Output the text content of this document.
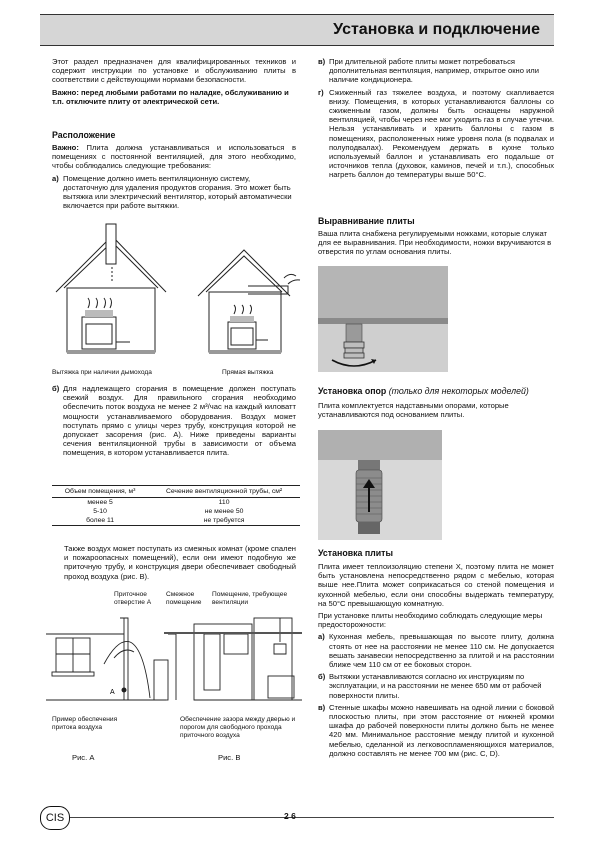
Установка и подключение

Этот раздел предназначен для квалифицированных техников и содержит инструкции по установке и обслуживанию плиты в соответствии с действующими нормами безопасности.

Важно: перед любыми работами по наладке, обслуживанию и т.п. отключите плиту от электрической сети.

Расположение

Важно: Плита должна устанавливаться и использоваться в помещениях с постоянной вентиляцией, для этого необходимо, чтобы соблюдались следующие требования:

а) Помещение должно иметь вентиляционную систему, достаточную для удаления продуктов сгорания. Это может быть вытяжка или электрический вентилятор, который автоматически включается при работе вытяжки.
Вытяжка при наличии дымохода	Прямая вытяжка
б) Для надлежащего сгорания в помещение должен поступать свежий воздух. Для правильного сгорания необходимо обеспечить поток воздуха не менее 2 м³/час на каждый киловатт мощности устанавливаемого оборудования. Воздух может поступать прямо с улицы через трубу, конструкция которой не допускает засорения (рис. А). Ниже приведены варианты сечения вентиляционной трубы в зависимости от объема помещения, в котором устанавливается плита.
Объем помещения, м³	Сечение вентиляционной трубы, см²
менее 5	110
5-10	не менее 50
более 11	не требуется

Также воздух может поступать из смежных комнат (кроме спален и пожароопасных помещений), если они имеют подобную же приточную трубу, и конструкция двери обеспечивает свободный проход воздуха (рис. В).

Приточное отверстие А
Смежное помещение
Помещение, требующее вентиляции
A
Пример обеспечения притока воздуха
Обеспечение зазора между дверью и порогом для свободного прохода приточного воздуха
Рис. А	Рис. В
в) При длительной работе плиты может потребоваться дополнительная вентиляция, например, открытое окно или наличие кондиционера.
г) Сжиженный газ тяжелее воздуха, и поэтому скапливается внизу. Помещения, в которых устанавливаются баллоны со сжиженным газом, должны быть оснащены наружной вентиляцией, чтобы через нее мог уходить газ в случае утечки. Нельзя устанавливать и хранить баллоны с газом в помещениях, расположенных ниже уровня пола (в подвалах и полуподвалах). Рекомендуем держать в кухне только используемый баллон и устанавливать его подальше от источников тепла (духовок, каминов, печей и т.п.), способных нагреть баллон до температуры выше 50°С.
Выравнивание плиты

Ваша плита снабжена регулируемыми ножками, которые служат для ее выравнивания. При необходимости, ножки вкручиваются в отверстия по углам основания плиты.

Установка опор (только для некоторых моделей)

Плита комплектуется надставными опорами, которые устанавливаются под основанием плиты.

Установка плиты

Плита имеет теплоизоляцию степени X, поэтому плита не может быть установлена непосредственно рядом с мебелью, которая выше нее.Плита может соприкасаться со стеной помещения и кухонной мебелью, если они способны выдержать температуру, на 50°С превышающую комнатную.

При установке плиты необходимо соблюдать следующие меры предосторожности:

а) Кухонная мебель, превышающая по высоте плиту, должна стоять от нее на расстоянии не менее 110 см. Не допускается вешать занавески непосредственно за плитой и на расстоянии ближе чем 110 см от ее боковых сторон.
б) Вытяжки устанавливаются согласно их инструкциям по эксплуатации, и на расстоянии не менее 650 мм от рабочей поверхности плиты.
в) Стенные шкафы можно навешивать на одной линии с боковой плоскостью плиты, при этом расстояние от нижней кромки шкафа до рабочей поверхности плиты должно быть не менее 420 мм. Минимальное расстояние между плитой и кухонной мебелью, сделанной из легковоспламеняющихся материалов, должно составлять не менее 700 мм (рис. С, D).
CIS	2 6
